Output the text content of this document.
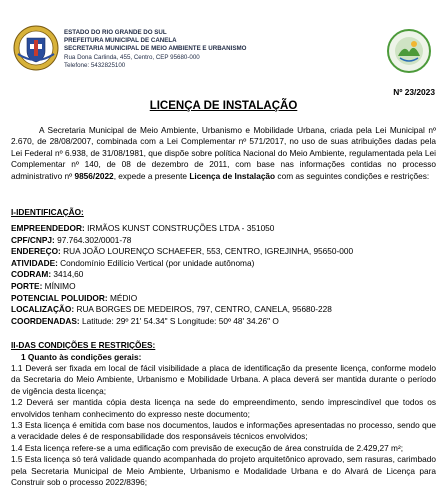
ESTADO DO RIO GRANDE DO SUL
PREFEITURA MUNICIPAL DE CANELA
SECRETARIA MUNICIPAL DE MEIO AMBIENTE E URBANISMO
Rua Dona Carlinda, 455, Centro, CEP 95680-000
Telefone: 5432825100
Nº 23/2023
LICENÇA DE INSTALAÇÃO
A Secretaria Municipal de Meio Ambiente, Urbanismo e Mobilidade Urbana, criada pela Lei Municipal nº 2.670, de 28/08/2007, combinada com a Lei Complementar nº 571/2017, no uso de suas atribuições dadas pela Lei Federal nº 6.938, de 31/08/1981, que dispõe sobre política Nacional do Meio Ambiente, regulamentada pela Lei Complementar nº 140, de 08 de dezembro de 2011, com base nas informações contidas no processo administrativo nº 9856/2022, expede a presente Licença de Instalação com as seguintes condições e restrições:
I-IDENTIFICAÇÃO:
EMPREENDEDOR: IRMÃOS KUNST CONSTRUÇÕES LTDA - 351050
CPF/CNPJ: 97.764.302/0001-78
ENDEREÇO: RUA JOÃO LOURENÇO SCHAEFER, 553, CENTRO, IGREJINHA, 95650-000
ATIVIDADE: Condomínio Edilício Vertical (por unidade autônoma)
CODRAM: 3414,60
PORTE: MÍNIMO
POTENCIAL POLUIDOR: MÉDIO
LOCALIZAÇÃO: RUA BORGES DE MEDEIROS, 797, CENTRO, CANELA, 95680-228
COORDENADAS: Latitude: 29º 21' 54.34" S Longitude: 50º 48' 34.26" O
II-DAS CONDIÇÕES E RESTRIÇÕES:
1 Quanto às condições gerais:

1.1 Deverá ser fixada em local de fácil visibilidade a placa de identificação da presente licença, conforme modelo da Secretaria do Meio Ambiente, Urbanismo e Mobilidade Urbana. A placa deverá ser mantida durante o período de vigência desta licença;

1.2 Deverá ser mantida cópia desta licença na sede do empreendimento, sendo imprescindível que todos os envolvidos tenham conhecimento do expresso neste documento;

1.3 Esta licença é emitida com base nos documentos, laudos e informações apresentadas no processo, sendo que a veracidade deles é de responsabilidade dos responsáveis técnicos envolvidos;

1.4 Esta licença refere-se a uma edificação com previsão de execução de área construída de 2.429,27 m²;

1.5 Esta licença só terá validade quando acompanhada do projeto arquitetônico aprovado, sem rasuras, carimbado pela Secretaria Municipal de Meio Ambiente, Urbanismo e Modalidade Urbana e do Alvará de Licença para Construir sob o processo 2022/8396;
